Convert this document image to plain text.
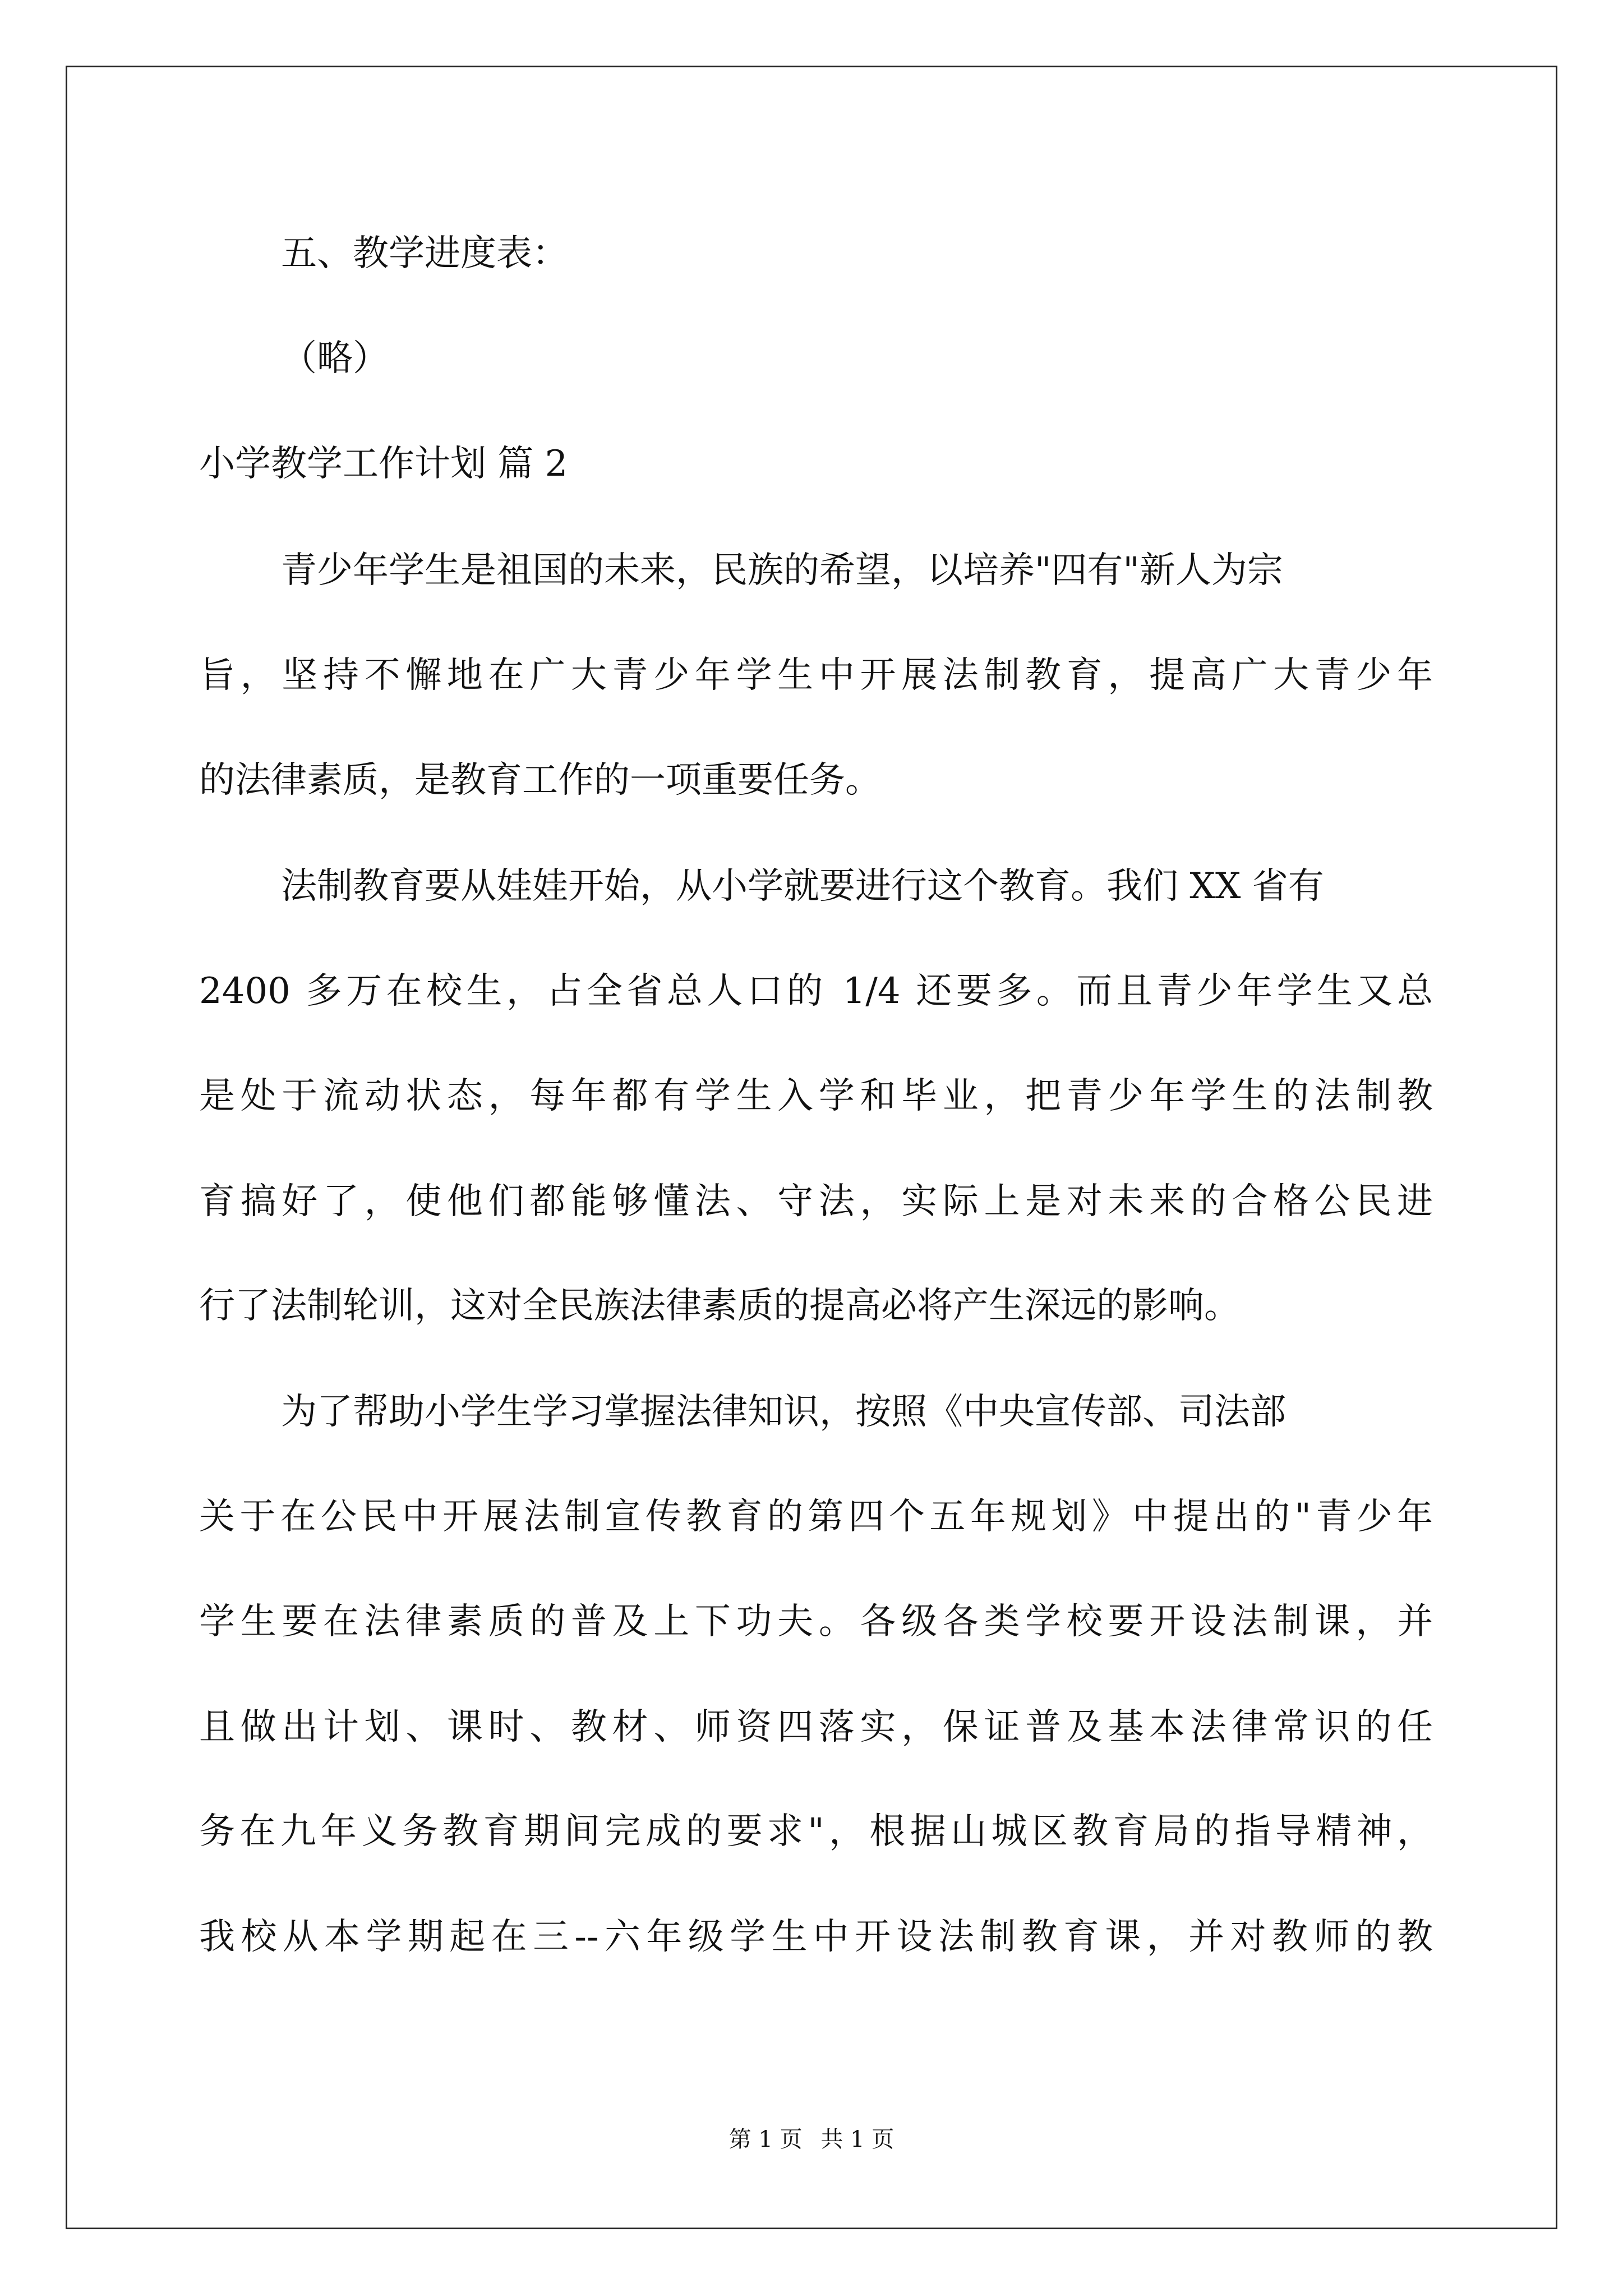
五、教学进度表：
（略）
小学教学工作计划 篇 2
青少年学生是祖国的未来，民族的希望，以培养"四有"新人为宗
旨，坚持不懈地在广大青少年学生中开展法制教育，提高广大青少年
的法律素质，是教育工作的一项重要任务。
法制教育要从娃娃开始，从小学就要进行这个教育。我们 XX 省有
2400 多万在校生，占全省总人口的 1/4 还要多。而且青少年学生又总
是处于流动状态，每年都有学生入学和毕业，把青少年学生的法制教
育搞好了，使他们都能够懂法、守法，实际上是对未来的合格公民进
行了法制轮训，这对全民族法律素质的提高必将产生深远的影响。
为了帮助小学生学习掌握法律知识，按照《中央宣传部、司法部
关于在公民中开展法制宣传教育的第四个五年规划》中提出的"青少年
学生要在法律素质的普及上下功夫。各级各类学校要开设法制课，并
且做出计划、课时、教材、师资四落实，保证普及基本法律常识的任
务在九年义务教育期间完成的要求"，根据山城区教育局的指导精神，
我校从本学期起在三--六年级学生中开设法制教育课，并对教师的教
第 1 页 共 1 页
